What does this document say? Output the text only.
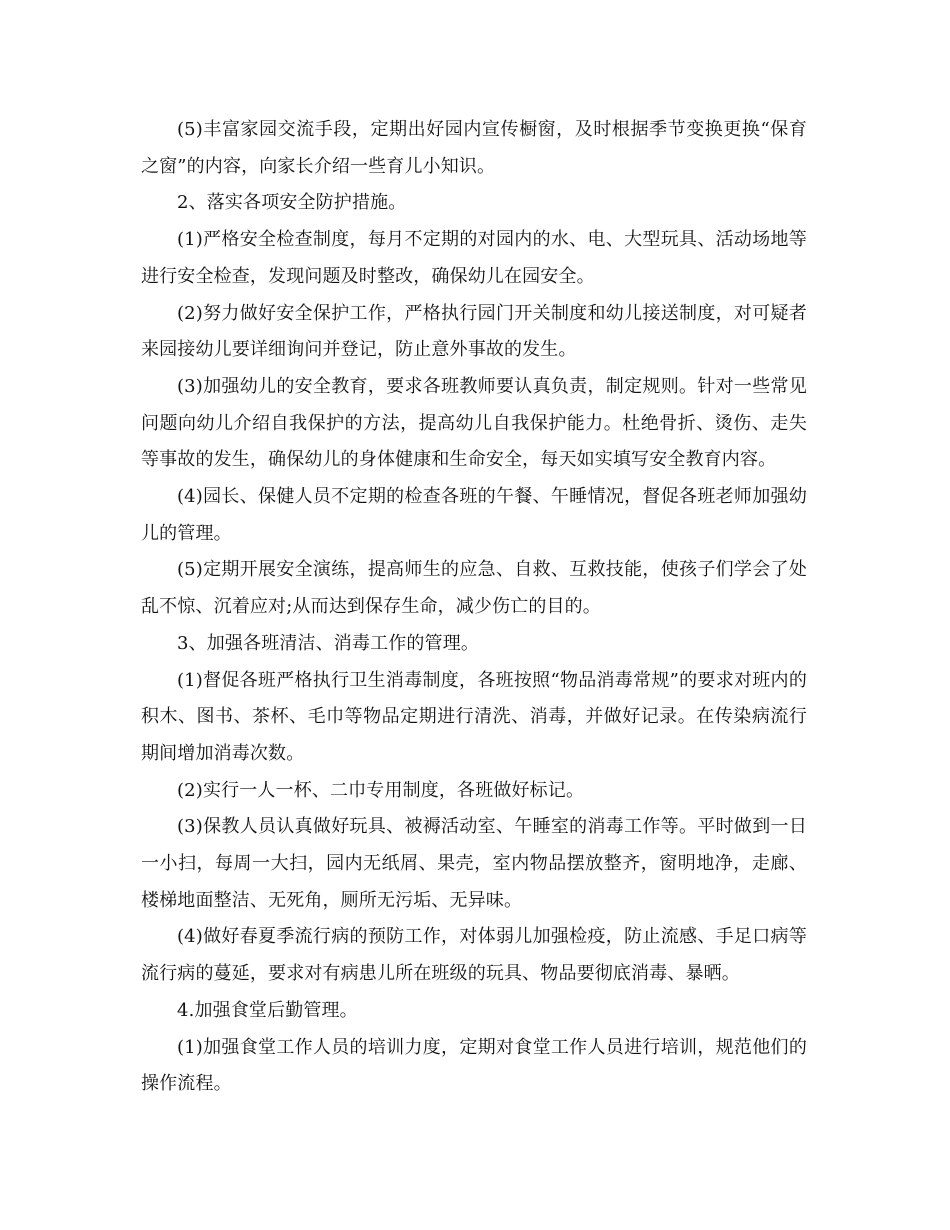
(5)丰富家园交流手段，定期出好园内宣传橱窗，及时根据季节变换更换“保育之窗”的内容，向家长介绍一些育儿小知识。

2、落实各项安全防护措施。

(1)严格安全检查制度，每月不定期的对园内的水、电、大型玩具、活动场地等进行安全检查，发现问题及时整改，确保幼儿在园安全。

(2)努力做好安全保护工作，严格执行园门开关制度和幼儿接送制度，对可疑者来园接幼儿要详细询问并登记，防止意外事故的发生。

(3)加强幼儿的安全教育，要求各班教师要认真负责，制定规则。针对一些常见问题向幼儿介绍自我保护的方法，提高幼儿自我保护能力。杜绝骨折、烫伤、走失等事故的发生，确保幼儿的身体健康和生命安全，每天如实填写安全教育内容。

(4)园长、保健人员不定期的检查各班的午餐、午睡情况，督促各班老师加强幼儿的管理。

(5)定期开展安全演练，提高师生的应急、自救、互救技能，使孩子们学会了处乱不惊、沉着应对;从而达到保存生命，减少伤亡的目的。

3、加强各班清洁、消毒工作的管理。

(1)督促各班严格执行卫生消毒制度，各班按照“物品消毒常规”的要求对班内的积木、图书、茶杯、毛巾等物品定期进行清洗、消毒，并做好记录。在传染病流行期间增加消毒次数。

(2)实行一人一杯、二巾专用制度，各班做好标记。

(3)保教人员认真做好玩具、被褥活动室、午睡室的消毒工作等。平时做到一日一小扫，每周一大扫，园内无纸屑、果壳，室内物品摆放整齐，窗明地净，走廊、楼梯地面整洁、无死角，厕所无污垢、无异味。

(4)做好春夏季流行病的预防工作，对体弱儿加强检疫，防止流感、手足口病等流行病的蔓延，要求对有病患儿所在班级的玩具、物品要彻底消毒、暴晒。

4.加强食堂后勤管理。

(1)加强食堂工作人员的培训力度，定期对食堂工作人员进行培训，规范他们的操作流程。
